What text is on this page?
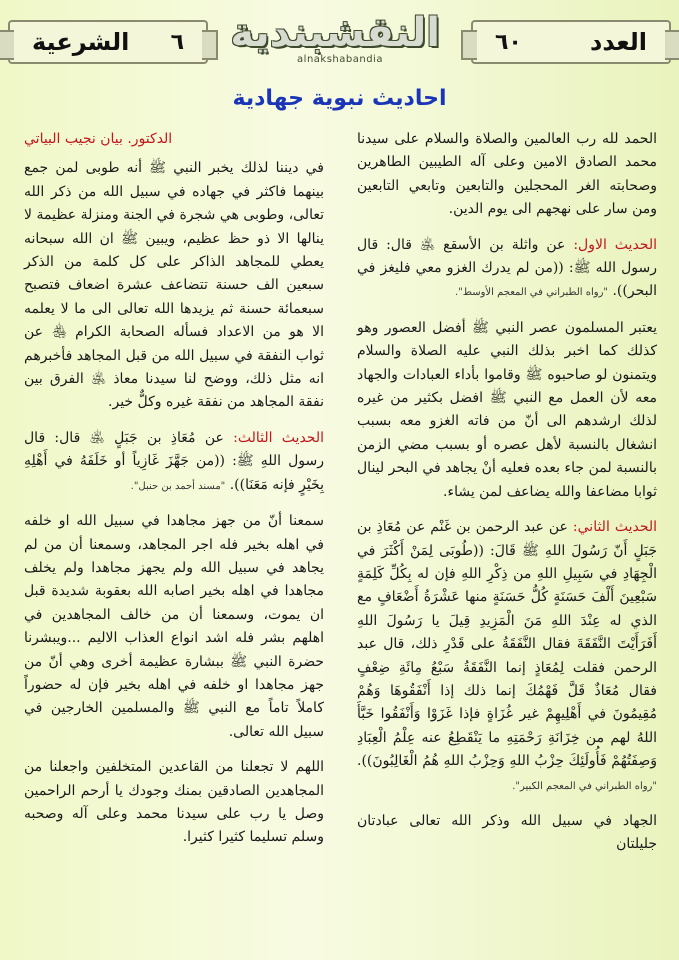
العدد
٦٠
النقشبندية
alnakshabandia
٦
الشرعية
احاديث نبوية جهادية

الحمد لله رب العالمين والصلاة والسلام على سيدنا محمد الصادق الامين وعلى آله الطيبين الطاهرين وصحابته الغر المحجلين والتابعين وتابعي التابعين ومن سار على نهجهم الى يوم الدين.

الحديث الاول: عن واثلة بن الأسقع ﵁ قال: قال رسول الله ﷺ: ((من لم يدرك الغزو معي فليغز في البحر)). "رواه الطبراني في المعجم الأوسط".

يعتبر المسلمون عصر النبي ﷺ أفضل العصور وهو كذلك كما اخبر بذلك النبي عليه الصلاة والسلام ويتمنون لو صاحبوه ﷺ وقاموا بأداء العبادات والجهاد معه لأن العمل مع النبي ﷺ افضل بكثير من غيره لذلك ارشدهم الى أنّ من فاته الغزو معه بسبب انشغال بالنسبة لأهل عصره أو بسبب مضي الزمن بالنسبة لمن جاء بعده فعليه أنْ يجاهد في البحر لينال ثوابا مضاعفا والله يضاعف لمن يشاء.

الحديث الثاني: عن عبد الرحمن بن غَنْم عن مُعَاذِ بن جَبَلٍ أَنّ رَسُولَ اللهِ ﷺ قَالَ: ((طُوبَى لِمَنْ أَكْثَرَ في الْجِهَادِ في سَبِيلِ اللهِ من ذِكْرِ اللهِ فإن له بِكُلِّ كَلِمَةٍ سَبْعِينَ أَلْفَ حَسَنَةٍ كُلُّ حَسَنَةٍ منها عَشْرَةُ أَضْعَافٍ مع الذي له عِنْدَ اللهِ مَنَ الْمَزِيدِ قِيلَ يا رَسُولَ اللهِ أَفَرَأَيْتَ النَّفَقَةَ فقال النَّفَقَةُ على قَدْرِ ذلك، قال عبد الرحمن فقلت لِمُعَاذٍ إنما النَّفَقَةُ سَبْعُ مِائَةِ ضِعْفٍ فقال مُعَاذٌ قَلَّ فَهْمُكَ إنما ذلك إذا أَنْفَقُوهَا وَهُمْ مُقِيمُونَ في أَهْلِيهِمْ غير غُزَاةٍ فإذا غَزَوْا وَأَنْفَقُوا خَبَّأَ اللهُ لهم من خِزَانَةِ رَحْمَتِهِ ما يَنْقَطِعُ عنه عِلْمُ الْعِبَادِ وَصِفَتُهُمْ فَأُولَئِكَ حِزْبُ اللهِ وَحِزْبُ اللهِ هُمُ الْغَالِبُونَ)). "رواه الطبراني في المعجم الكبير".

الجهاد في سبيل الله وذكر الله تعالى عبادتان جليلتان

الدكتور. بيان نجيب البياتي

في ديننا لذلك يخبر النبي ﷺ أنه طوبى لمن جمع بينهما فاكثر في جهاده في سبيل الله من ذكر الله تعالى، وطوبى هي شجرة في الجنة ومنزلة عظيمة لا ينالها الا ذو حظ عظيم، ويبين ﷺ ان الله سبحانه يعطي للمجاهد الذاكر على كل كلمة من الذكر سبعين الف حسنة تتضاعف عشرة اضعاف فتصبح سبعمائة حسنة ثم يزيدها الله تعالى الى ما لا يعلمه الا هو من الاعداد فسأله الصحابة الكرام ﵃ عن ثواب النفقة في سبيل الله من قبل المجاهد فأخبرهم انه مثل ذلك، ووضح لنا سيدنا معاذ ﵁ الفرق بين نفقة المجاهد من نفقة غيره وكلٌّ خير.

الحديث الثالث: عن مُعَاذِ بن جَبَلٍ ﵁ قال: قال رسول اللهِ ﷺ: ((من جَهَّزَ غَازِياً أو خَلَفَهُ في أَهْلِهِ بِخَيْرٍ فإنه مَعَنَا)). "مسند أحمد بن حنبل".

سمعنا أنّ من جهز مجاهدا في سبيل الله او خلفه في اهله بخير فله اجر المجاهد، وسمعنا أن من لم يجاهد في سبيل الله ولم يجهز مجاهدا ولم يخلف مجاهدا في اهله بخير اصابه الله بعقوبة شديدة قبل ان يموت، وسمعنا أن من خالف المجاهدين في اهلهم بشر فله اشد انواع العذاب الاليم ...ويبشرنا حضرة النبي ﷺ ببشارة عظيمة أخرى وهي أنّ من جهز مجاهدا او خلفه في اهله بخير فإن له حضوراً كاملاً تاماً مع النبي ﷺ والمسلمين الخارجين في سبيل الله تعالى.

اللهم لا تجعلنا من القاعدين المتخلفين واجعلنا من المجاهدين الصادقين بمنك وجودك يا أرحم الراحمين وصل يا رب على سيدنا محمد وعلى آله وصحبه وسلم تسليما كثيرا كثيرا.
